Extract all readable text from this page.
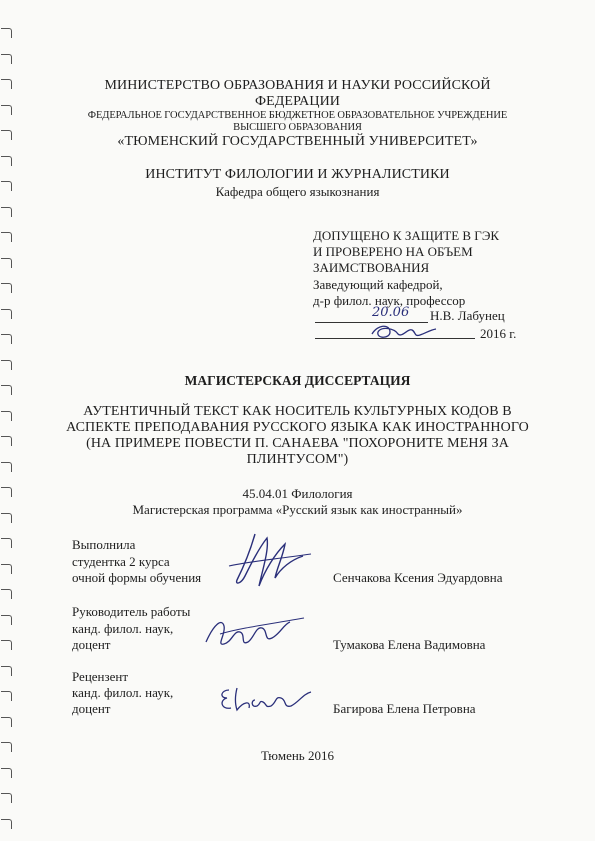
МИНИСТЕРСТВО ОБРАЗОВАНИЯ И НАУКИ РОССИЙСКОЙ
ФЕДЕРАЦИИ
ФЕДЕРАЛЬНОЕ ГОСУДАРСТВЕННОЕ БЮДЖЕТНОЕ ОБРАЗОВАТЕЛЬНОЕ УЧРЕЖДЕНИЕ
ВЫСШЕГО ОБРАЗОВАНИЯ
«ТЮМЕНСКИЙ ГОСУДАРСТВЕННЫЙ УНИВЕРСИТЕТ»
ИНСТИТУТ ФИЛОЛОГИИ И ЖУРНАЛИСТИКИ
Кафедра общего языкознания
ДОПУЩЕНО К ЗАЩИТЕ В ГЭК
И ПРОВЕРЕНО НА ОБЪЕМ
ЗАИМСТВОВАНИЯ
Заведующий кафедрой,
д-р филол. наук, профессор
20.06 Н.В. Лабунец
2016 г.
МАГИСТЕРСКАЯ ДИССЕРТАЦИЯ
АУТЕНТИЧНЫЙ ТЕКСТ КАК НОСИТЕЛЬ КУЛЬТУРНЫХ КОДОВ В
АСПЕКТЕ ПРЕПОДАВАНИЯ РУССКОГО ЯЗЫКА КАК ИНОСТРАННОГО
(НА ПРИМЕРЕ ПОВЕСТИ П. САНАЕВА "ПОХОРОНИТЕ МЕНЯ ЗА
ПЛИНТУСОМ")
45.04.01 Филология
Магистерская программа «Русский язык как иностранный»
Выполнила
студентка 2 курса
очной формы обучения	Сенчакова Ксения Эдуардовна
Руководитель работы
канд. филол. наук,
доцент	Тумакова Елена Вадимовна
Рецензент
канд. филол. наук,
доцент	Багирова Елена Петровна
Тюмень 2016
